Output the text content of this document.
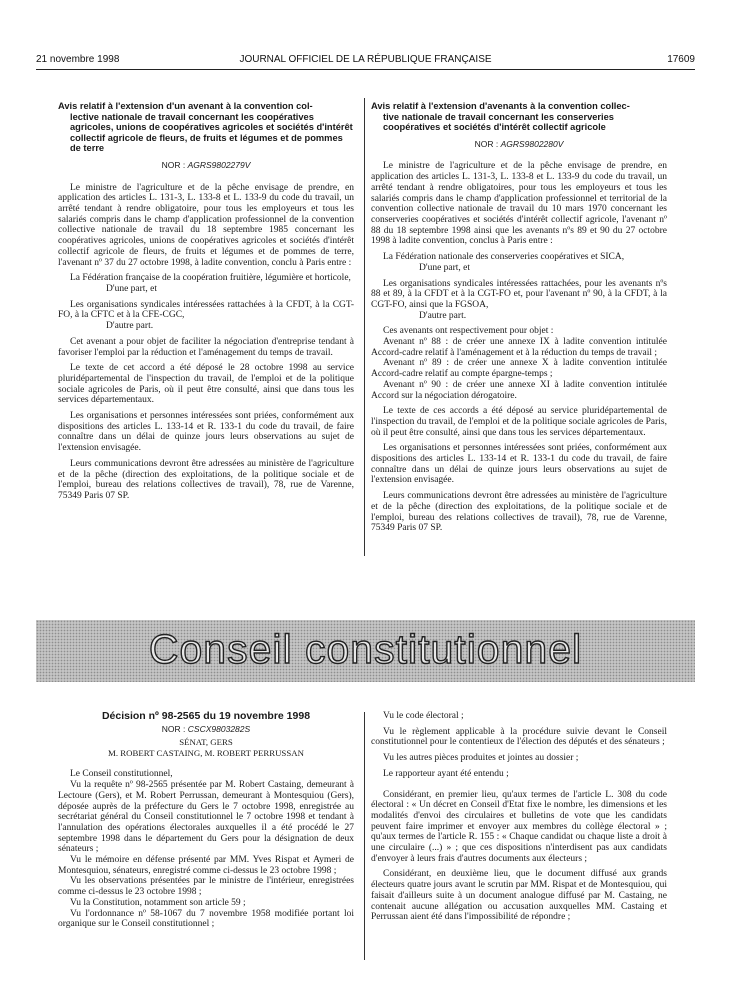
21 novembre 1998	JOURNAL OFFICIEL DE LA RÉPUBLIQUE FRANÇAISE	17609
Avis relatif à l'extension d'un avenant à la convention col-
lective nationale de travail concernant les coopératives agricoles, unions de coopératives agricoles et sociétés d'intérêt collectif agricole de fleurs, de fruits et légumes et de pommes de terre
NOR : AGRS9802279V

Le ministre de l'agriculture et de la pêche envisage de prendre, en application des articles L. 131-3, L. 133-8 et L. 133-9 du code du travail, un arrêté tendant à rendre obligatoire, pour tous les employeurs et tous les salariés compris dans le champ d'application professionnel de la convention collective nationale de travail du 18 septembre 1985 concernant les coopératives agricoles, unions de coopératives agricoles et sociétés d'intérêt collectif agricole de fleurs, de fruits et légumes et de pommes de terre, l'avenant nº 37 du 27 octobre 1998, à ladite convention, conclu à Paris entre :

La Fédération française de la coopération fruitière, légumière et horticole,

D'une part, et

Les organisations syndicales intéressées rattachées à la CFDT, à la CGT-FO, à la CFTC et à la CFE-CGC,

D'autre part.

Cet avenant a pour objet de faciliter la négociation d'entreprise tendant à favoriser l'emploi par la réduction et l'aménagement du temps de travail.

Le texte de cet accord a été déposé le 28 octobre 1998 au service pluridépartemental de l'inspection du travail, de l'emploi et de la politique sociale agricoles de Paris, où il peut être consulté, ainsi que dans tous les services départementaux.

Les organisations et personnes intéressées sont priées, conformément aux dispositions des articles L. 133-14 et R. 133-1 du code du travail, de faire connaître dans un délai de quinze jours leurs observations au sujet de l'extension envisagée.

Leurs communications devront être adressées au ministère de l'agriculture et de la pêche (direction des exploitations, de la politique sociale et de l'emploi, bureau des relations collectives de travail), 78, rue de Varenne, 75349 Paris 07 SP.

Avis relatif à l'extension d'avenants à la convention collec-
tive nationale de travail concernant les conserveries coopératives et sociétés d'intérêt collectif agricole
NOR : AGRS9802280V

Le ministre de l'agriculture et de la pêche envisage de prendre, en application des articles L. 131-3, L. 133-8 et L. 133-9 du code du travail, un arrêté tendant à rendre obligatoires, pour tous les employeurs et tous les salariés compris dans le champ d'application professionnel et territorial de la convention collective nationale de travail du 10 mars 1970 concernant les conserveries coopératives et sociétés d'intérêt collectif agricole, l'avenant nº 88 du 18 septembre 1998 ainsi que les avenants nºs 89 et 90 du 27 octobre 1998 à ladite convention, conclus à Paris entre :

La Fédération nationale des conserveries coopératives et SICA,

D'une part, et

Les organisations syndicales intéressées rattachées, pour les avenants nºs 88 et 89, à la CFDT et à la CGT-FO et, pour l'avenant nº 90, à la CFDT, à la CGT-FO, ainsi que la FGSOA,

D'autre part.

Ces avenants ont respectivement pour objet :

Avenant nº 88 : de créer une annexe IX à ladite convention intitulée Accord-cadre relatif à l'aménagement et à la réduction du temps de travail ;

Avenant nº 89 : de créer une annexe X à ladite convention intitulée Accord-cadre relatif au compte épargne-temps ;

Avenant nº 90 : de créer une annexe XI à ladite convention intitulée Accord sur la négociation dérogatoire.

Le texte de ces accords a été déposé au service pluridépartemental de l'inspection du travail, de l'emploi et de la politique sociale agricoles de Paris, où il peut être consulté, ainsi que dans tous les services départementaux.

Les organisations et personnes intéressées sont priées, conformément aux dispositions des articles L. 133-14 et R. 133-1 du code du travail, de faire connaître dans un délai de quinze jours leurs observations au sujet de l'extension envisagée.

Leurs communications devront être adressées au ministère de l'agriculture et de la pêche (direction des exploitations, de la politique sociale et de l'emploi, bureau des relations collectives de travail), 78, rue de Varenne, 75349 Paris 07 SP.

Conseil constitutionnel
Décision nº 98-2565 du 19 novembre 1998
NOR : CSCX9803282S
SÉNAT, GERS
M. ROBERT CASTAING, M. ROBERT PERRUSSAN

Le Conseil constitutionnel,

Vu la requête nº 98-2565 présentée par M. Robert Castaing, demeurant à Lectoure (Gers), et M. Robert Perrussan, demeurant à Montesquiou (Gers), déposée auprès de la préfecture du Gers le 7 octobre 1998, enregistrée au secrétariat général du Conseil constitutionnel le 7 octobre 1998 et tendant à l'annulation des opérations électorales auxquelles il a été procédé le 27 septembre 1998 dans le département du Gers pour la désignation de deux sénateurs ;

Vu le mémoire en défense présenté par MM. Yves Rispat et Aymeri de Montesquiou, sénateurs, enregistré comme ci-dessus le 23 octobre 1998 ;

Vu les observations présentées par le ministre de l'intérieur, enregistrées comme ci-dessus le 23 octobre 1998 ;

Vu la Constitution, notamment son article 59 ;

Vu l'ordonnance nº 58-1067 du 7 novembre 1958 modifiée portant loi organique sur le Conseil constitutionnel ;

Vu le code électoral ;

Vu le règlement applicable à la procédure suivie devant le Conseil constitutionnel pour le contentieux de l'élection des députés et des sénateurs ;

Vu les autres pièces produites et jointes au dossier ;

Le rapporteur ayant été entendu ;

Considérant, en premier lieu, qu'aux termes de l'article L. 308 du code électoral : « Un décret en Conseil d'Etat fixe le nombre, les dimensions et les modalités d'envoi des circulaires et bulletins de vote que les candidats peuvent faire imprimer et envoyer aux membres du collège électoral » ; qu'aux termes de l'article R. 155 : « Chaque candidat ou chaque liste a droit à une circulaire (...) » ; que ces dispositions n'interdisent pas aux candidats d'envoyer à leurs frais d'autres documents aux électeurs ;

Considérant, en deuxième lieu, que le document diffusé aux grands électeurs quatre jours avant le scrutin par MM. Rispat et de Montesquiou, qui faisait d'ailleurs suite à un document analogue diffusé par M. Castaing, ne contenait aucune allégation ou accusation auxquelles MM. Castaing et Perrussan aient été dans l'impossibilité de répondre ;
